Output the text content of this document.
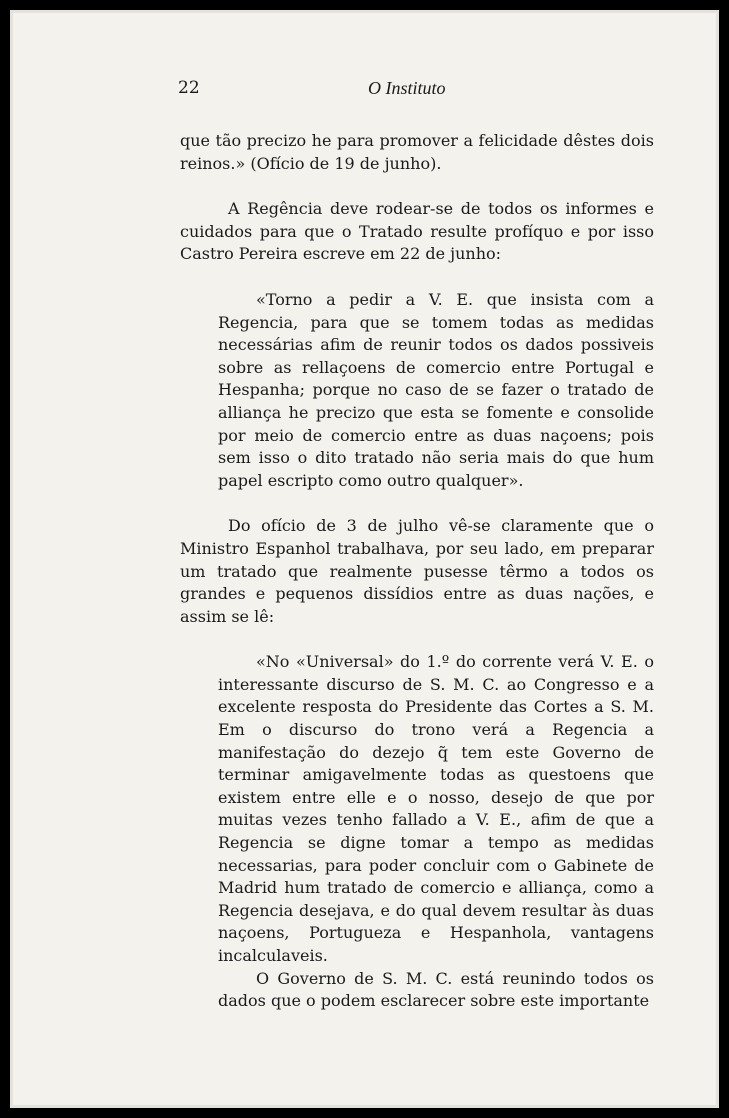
22	O Instituto

que tão precizo he para promover a felicidade dêstes dois reinos.» (Ofício de 19 de junho).

A Regência deve rodear-se de todos os informes e cuidados para que o Tratado resulte profíquo e por isso Castro Pereira escreve em 22 de junho:

«Torno a pedir a V. E. que insista com a Regencia, para que se tomem todas as medidas necessárias afim de reunir todos os dados possiveis sobre as rellaçoens de comercio entre Portugal e Hespanha; porque no caso de se fazer o tratado de alliança he precizo que esta se fomente e consolide por meio de comercio entre as duas naçoens; pois sem isso o dito tratado não seria mais do que hum papel escripto como outro qualquer».

Do ofício de 3 de julho vê-se claramente que o Ministro Espanhol trabalhava, por seu lado, em preparar um tratado que realmente pusesse têrmo a todos os grandes e pequenos dissídios entre as duas nações, e assim se lê:

«No «Universal» do 1.º do corrente verá V. E. o interessante discurso de S. M. C. ao Congresso e a excelente resposta do Presidente das Cortes a S. M. Em o discurso do trono verá a Regencia a manifestação do dezejo q̃ tem este Governo de terminar amigavelmente todas as questoens que existem entre elle e o nosso, desejo de que por muitas vezes tenho fallado a V. E., afim de que a Regencia se digne tomar a tempo as medidas necessarias, para poder concluir com o Gabinete de Madrid hum tratado de comercio e alliança, como a Regencia desejava, e do qual devem resultar às duas naçoens, Portugueza e Hespanhola, vantagens incalculaveis.

O Governo de S. M. C. está reunindo todos os dados que o podem esclarecer sobre este importante
